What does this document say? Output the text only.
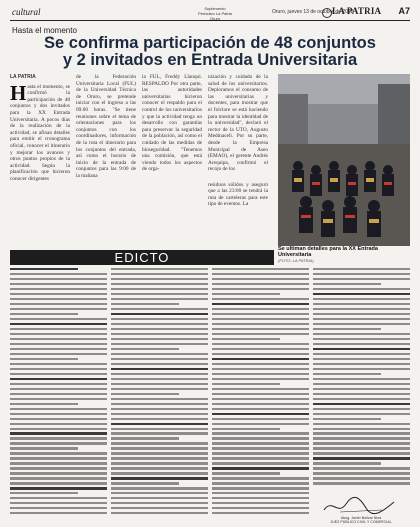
cultural	Suplemento
Periódico La Patria Oruro
Oruro, jueves 13 de octubre de 2022
LA PATRIA A7
Hasta el momento
Se confirma participación de 48 conjuntos
y 2 invitados en Entrada Universitaria
LA PATRIA

Hasta el momento, se confirmó la participación de 48 conjuntos y dos invitados para la XX Entrada Universitaria. A pocos días de la realización de la actividad, se afinan detalles para emitir el cronograma oficial, conocer el itinerario y mejorar los avances y otros puntos propios de la actividad. Según la planificación que hicieron conocer dirigentes

de la Federación Universitaria Local (FUL) de la Universidad Técnica de Oruro, se pretende iniciar con el ingreso a las 09:00 horas. "Se tiene reuniones sobre el tema de orientaciones para los conjuntos con los coordinadores, información de la ruta el itinerario para los conjuntos del entrada, así como el horario de inicio de la entrada de conjuntos para las 9:00 de la mañana

la FUL, Freddy Llanqui. RESPALDO Por otra parte, las autoridades universitarias hicieron conocer el respaldo para el control de los universitarios y que la actividad tenga un desarrollo con garantías para preservar la seguridad de la población, así como el cuidado de las medidas de bioseguridad. "Tenemos una comisión, que está viendo todos los aspectos de orga-

nización y cuidado de la salud de los universitarios. Deploramos el consumo de las universitarias y docentes, para mostrar que el folclore se está haciendo para mostrar la identidad de la universidad", declaró el rector de la UTO, Augusto Medinaceli. Por su parte, desde la Empresa Municipal de Aseo (EMAO), el gerente Andrés Arequipa, confirmó el recojo de los

Se ultiman detalles para la XX Entrada Universitaria
(FOTO: LA PATRIA)

residuos sólidos y aseguró que a las 23:00 se tendrá la ruta de carteleras para este tipo de eventos. La

EDICTO
Abog. Javier Bolivar Nina
JUEZ PÚBLICO CIVIL Y COMERCIAL
